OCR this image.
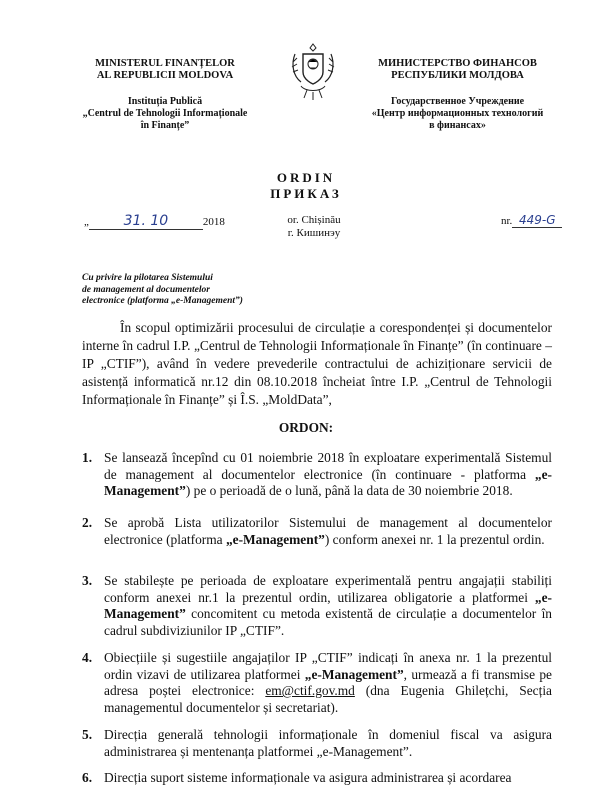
MINISTERUL FINANȚELOR
AL REPUBLICII MOLDOVA
Instituția Publică
„Centrul de Tehnologii Informaționale
în Finanțe”
МИНИСТЕРСТВО ФИНАНСОВ
РЕСПУБЛИКИ МОЛДОВА
Государственное Учреждение
«Центр информационных технологий
в финансах»
ORDIN
ПРИКАЗ
„ 31. 10	2018	or. Chișinău
г. Кишинэу
nr. 449-G
Cu privire la pilotarea Sistemului
de management al documentelor
electronice (platforma „e-Management”)

În scopul optimizării procesului de circulație a corespondenței și documentelor interne în cadrul I.P. „Centrul de Tehnologii Informaționale în Finanțe” (în continuare – IP „CTIF”), având în vedere prevederile contractului de achiziționare servicii de asistență informatică nr.12 din 08.10.2018 încheiat între I.P. „Centrul de Tehnologii Informaționale în Finanțe” și Î.S. „MoldData”,

ORDON:
1. Se lansează începînd cu 01 noiembrie 2018 în exploatare experimentală Sistemul de management al documentelor electronice (în continuare - platforma „e-Management”) pe o perioadă de o lună, până la data de 30 noiembrie 2018.
2. Se aprobă Lista utilizatorilor Sistemului de management al documentelor electronice (platforma „e-Management”) conform anexei nr. 1 la prezentul ordin.
3. Se stabilește pe perioada de exploatare experimentală pentru angajații stabiliți conform anexei nr.1 la prezentul ordin, utilizarea obligatorie a platformei „e-Management” concomitent cu metoda existentă de circulație a documentelor în cadrul subdiviziunilor IP „CTIF”.
4. Obiecțiile și sugestiile angajaților IP „CTIF” indicați în anexa nr. 1 la prezentul ordin vizavi de utilizarea platformei „e-Management”, urmează a fi transmise pe adresa poștei electronice: em@ctif.gov.md (dna Eugenia Ghilețchi, Secția managementul documentelor și secretariat).
5. Direcția generală tehnologii informaționale în domeniul fiscal va asigura administrarea și mentenanța platformei „e-Management”.
6. Direcția suport sisteme informaționale va asigura administrarea și acordarea
